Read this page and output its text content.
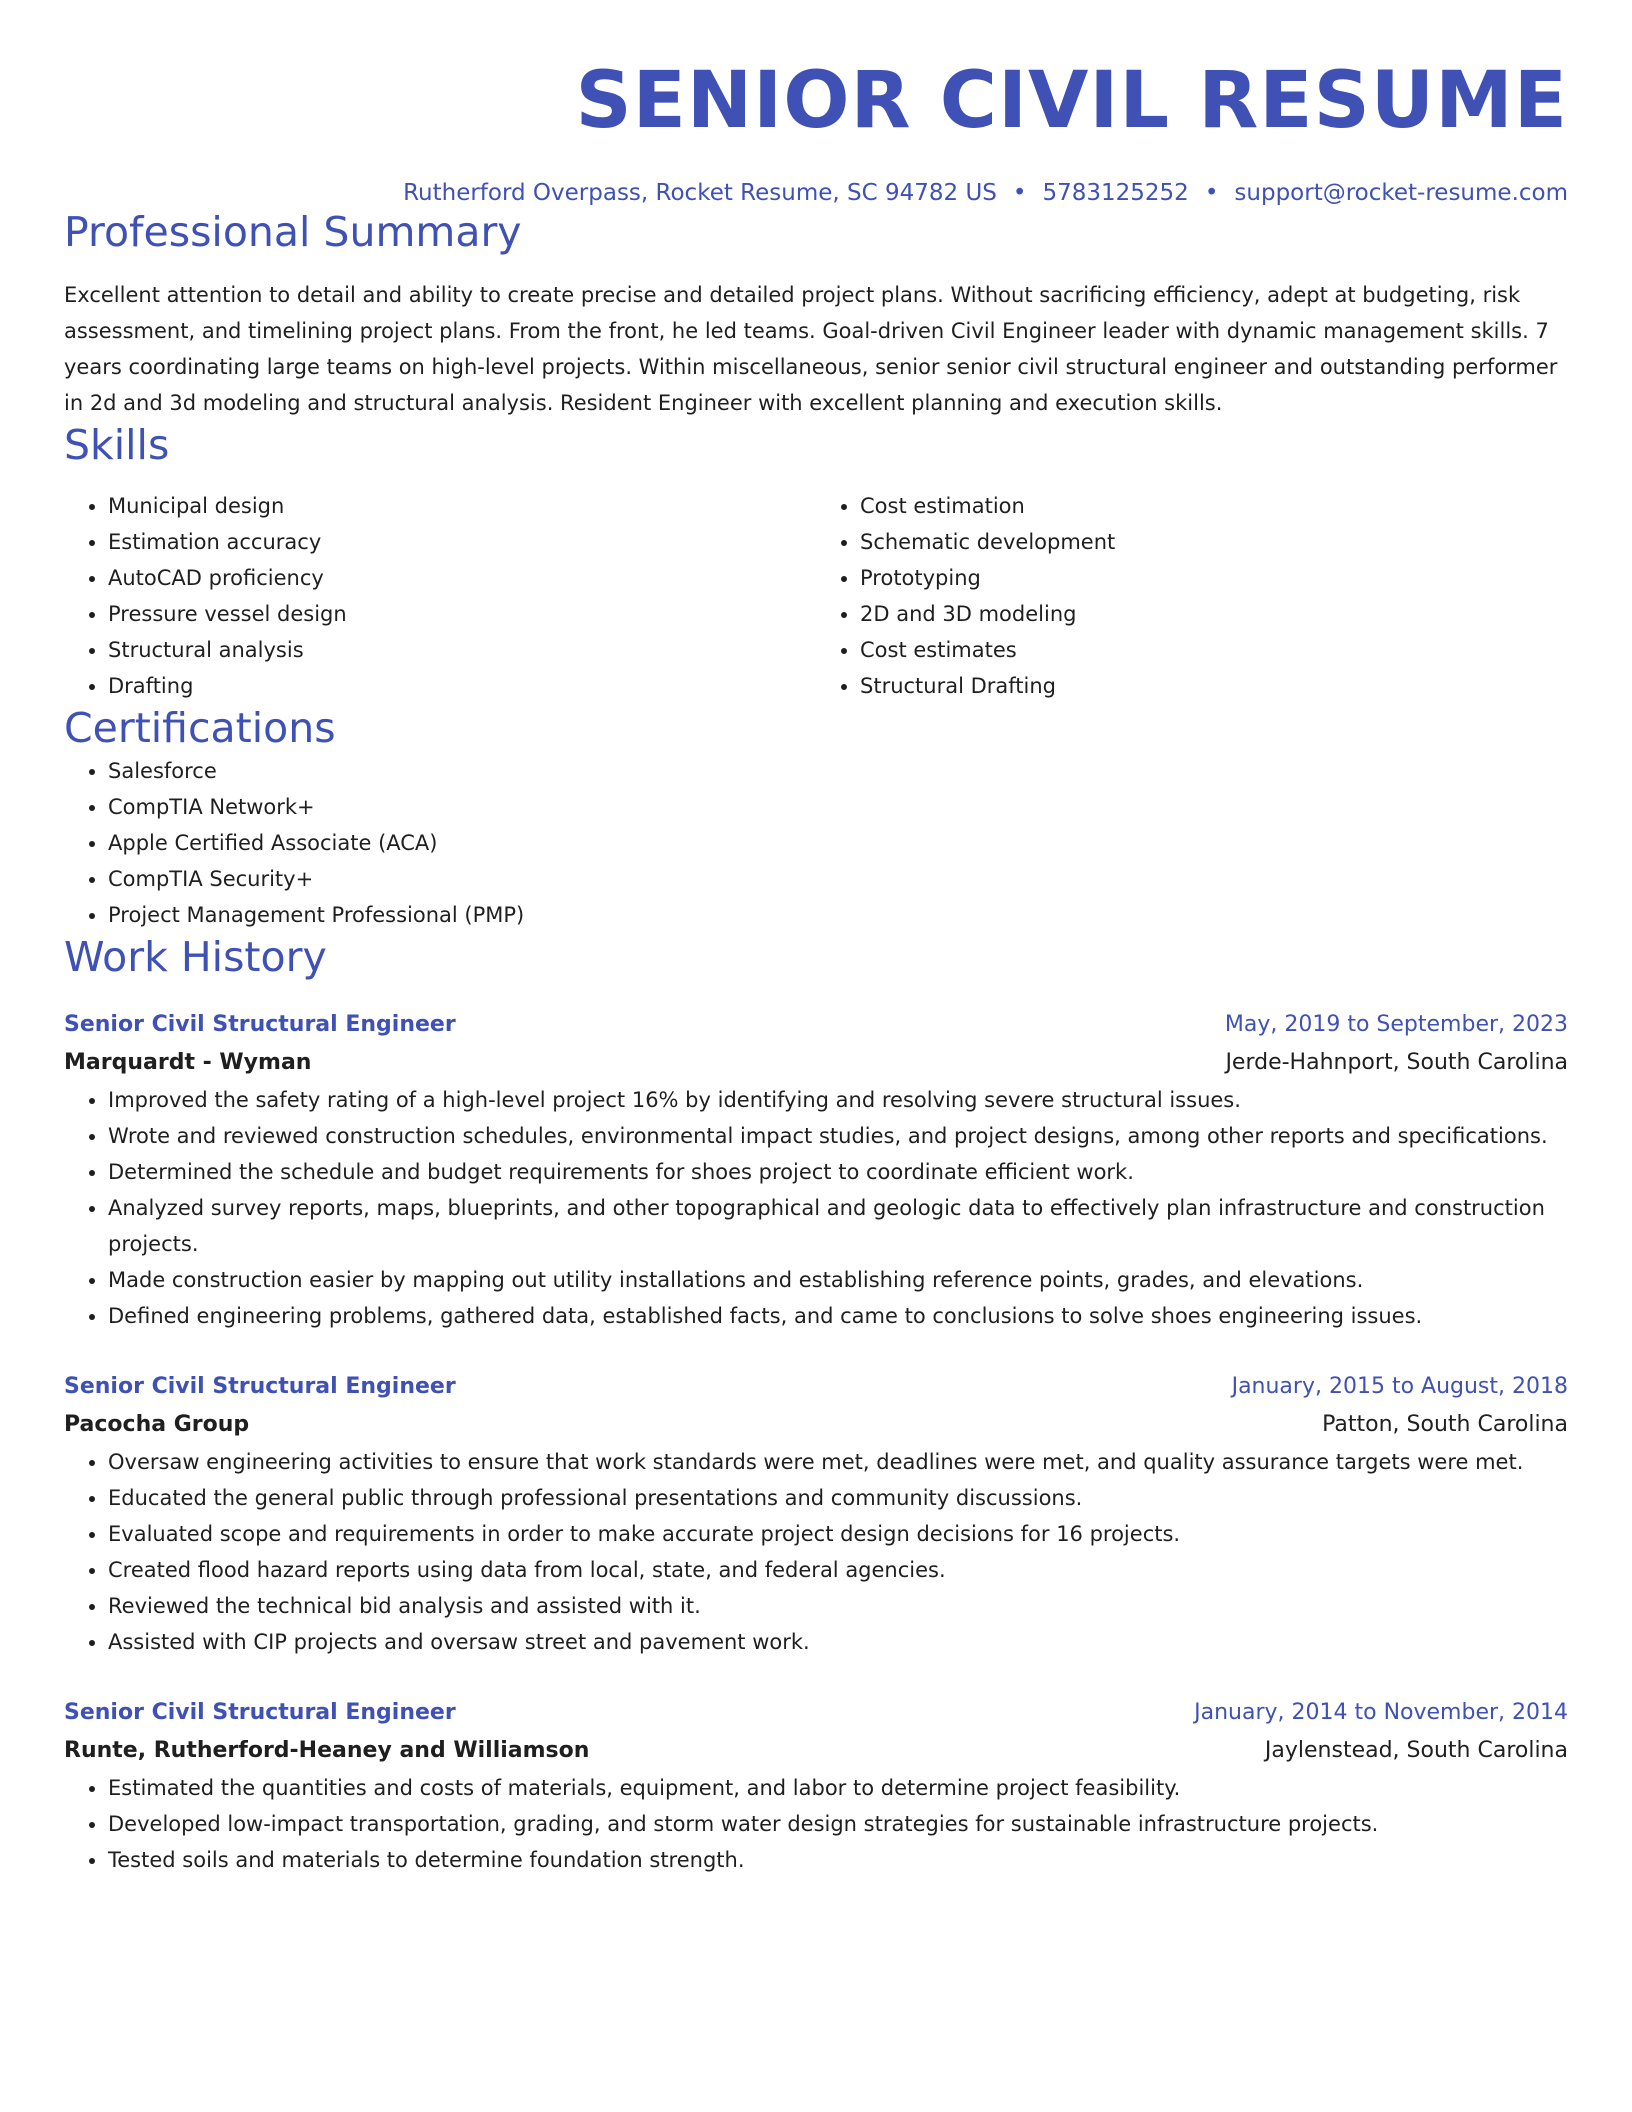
SENIOR CIVIL RESUME
Rutherford Overpass, Rocket Resume, SC 94782 US • 5783125252 • support@rocket-resume.com
Professional Summary

Excellent attention to detail and ability to create precise and detailed project plans. Without sacrificing efficiency, adept at budgeting, risk assessment, and timelining project plans. From the front, he led teams. Goal-driven Civil Engineer leader with dynamic management skills. 7 years coordinating large teams on high-level projects. Within miscellaneous, senior senior civil structural engineer and outstanding performer in 2d and 3d modeling and structural analysis. Resident Engineer with excellent planning and execution skills.

Skills
• Municipal design
• Estimation accuracy
• AutoCAD proficiency
• Pressure vessel design
• Structural analysis
• Drafting
• Cost estimation
• Schematic development
• Prototyping
• 2D and 3D modeling
• Cost estimates
• Structural Drafting
Certifications
• Salesforce
• CompTIA Network+
• Apple Certified Associate (ACA)
• CompTIA Security+
• Project Management Professional (PMP)
Work History
Senior Civil Structural Engineer	May, 2019 to September, 2023
Marquardt - Wyman	Jerde-Hahnport, South Carolina
• Improved the safety rating of a high-level project 16% by identifying and resolving severe structural issues.
• Wrote and reviewed construction schedules, environmental impact studies, and project designs, among other reports and specifications.
• Determined the schedule and budget requirements for shoes project to coordinate efficient work.
• Analyzed survey reports, maps, blueprints, and other topographical and geologic data to effectively plan infrastructure and construction projects.
• Made construction easier by mapping out utility installations and establishing reference points, grades, and elevations.
• Defined engineering problems, gathered data, established facts, and came to conclusions to solve shoes engineering issues.
Senior Civil Structural Engineer	January, 2015 to August, 2018
Pacocha Group	Patton, South Carolina
• Oversaw engineering activities to ensure that work standards were met, deadlines were met, and quality assurance targets were met.
• Educated the general public through professional presentations and community discussions.
• Evaluated scope and requirements in order to make accurate project design decisions for 16 projects.
• Created flood hazard reports using data from local, state, and federal agencies.
• Reviewed the technical bid analysis and assisted with it.
• Assisted with CIP projects and oversaw street and pavement work.
Senior Civil Structural Engineer	January, 2014 to November, 2014
Runte, Rutherford-Heaney and Williamson	Jaylenstead, South Carolina
• Estimated the quantities and costs of materials, equipment, and labor to determine project feasibility.
• Developed low-impact transportation, grading, and storm water design strategies for sustainable infrastructure projects.
• Tested soils and materials to determine foundation strength.
